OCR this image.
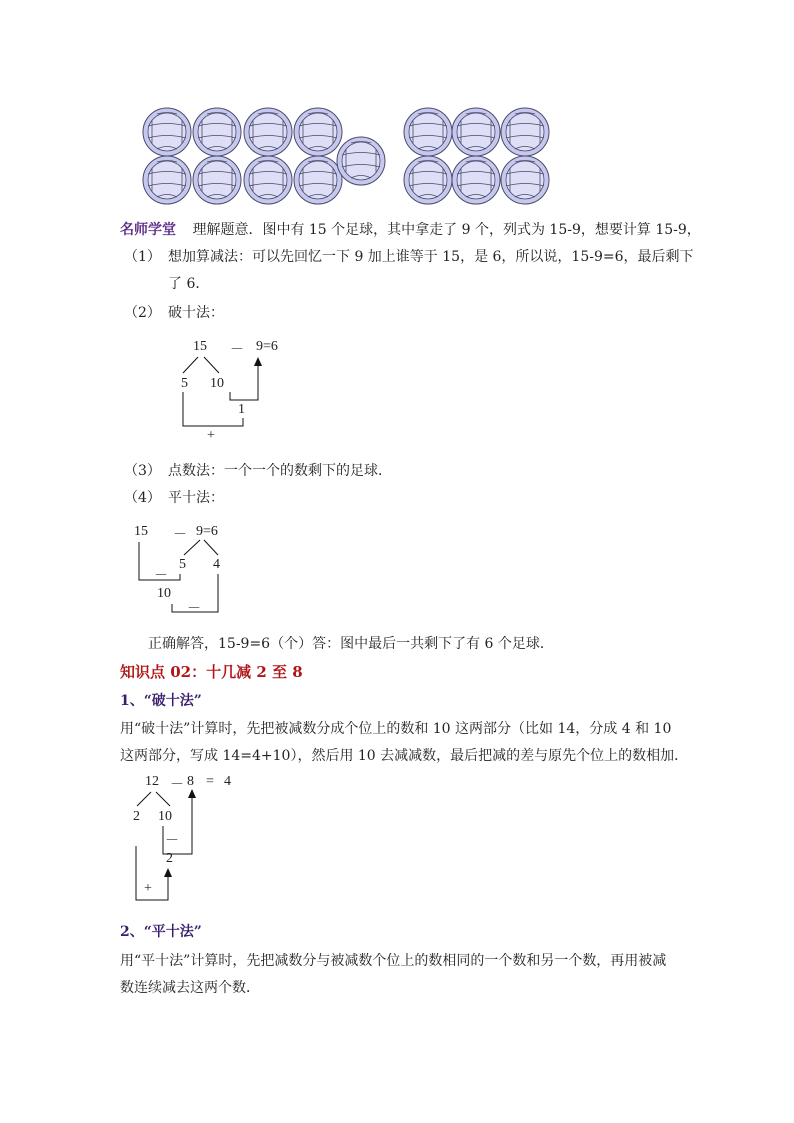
名师学堂 理解题意．图中有 15 个足球，其中拿走了 9 个，列式为 15-9，想要计算 15-9，
（1） 想加算减法：可以先回忆一下 9 加上谁等于 15，是 6，所以说，15-9=6，最后剩下
了 6．
（2） 破十法：
15 － 9=6
5 10
1
+
（3） 点数法：一个一个的数剩下的足球．
（4） 平十法：
15 － 9=6
5 4
－
10
－
正确解答，15-9=6（个）答：图中最后一共剩下了有 6 个足球．
知识点 02：十几减 2 至 8
1、“破十法”
用“破十法”计算时，先把被减数分成个位上的数和 10 这两部分（比如 14，分成 4 和 10
这两部分，写成 14=4+10），然后用 10 去减减数，最后把减的差与原先个位上的数相加．
12 － 8 = 4
2 10
－
2
+
2、“平十法”
用“平十法”计算时，先把减数分与被减数个位上的数相同的一个数和另一个数，再用被减
数连续减去这两个数．
